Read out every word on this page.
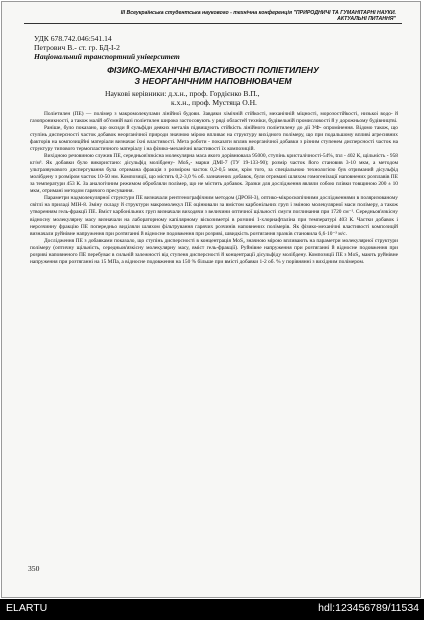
III Всеукраїнська студентська наукового - технічна конференція "ПРИРОДНИЧІ ТА ГУМАНІТАРНІ НАУКИ.
АКТУАЛЬНІ ПИТАННЯ"
УДК 678.742.046:541.14
Петрович В.- ст. гр. БД-І-2
Національний транспортний університет
ФІЗИКО-МЕХАНІЧНІ ВЛАСТИВОСТІ ПОЛІЕТИЛЕНУ
З НЕОРГАНІЧНИМ НАПОВНЮВАЧЕМ
Наукові керівники: д.х.н., проф. Гордієнко В.П.,
к.х.н., проф. Мустяца О.Н.

Поліетилен (ПЕ) — полімер з макромолекулами лінійної будови. Завдяки хімічній стійкості, механічній міцності, морозостійкості, низькоі водо- й газопроникності, а також малій об'ємній вазі поліетилен широко застосовують у ряді областей техніки, будівельній промисловості й у дорожньому будівництві.

Раніше, було показано, що оксиди й сульфіди деяких металів підвищують стійкість лінійного поліетилену до дії УФ- опромінення. Відомо також, що ступінь дисперсності часток добавок неорганічної природи значною мірою впливає на структуру вихідного полімеру, що при подальшому впливі агресивних факторів на композиційні матеріали визначає їхні властивості. Мета роботи - показати вплив неорганічної добавки з різним ступенем дисперсності часток на структуру типового термопластичного матеріалу і на фізико-механічні властивості їх композицій.

Вихідною речовиною служив ПЕ, середньов'язкісна молекулярна маса якого дорівнювала 95000, ступінь кристалічності-54%, tпл - 402 К, щільність - 958 кг/м³. Як добавки було використано: дісульфід молібдену- MoS₂- марки ДМІ-7 (ТУ 19-133-90); розмір часток його становив 3-10 мкм, а методом ультразвукового диспергування була отримана фракція з розміром часток 0,2-0,5 мкм, крім того, за спеціальною технологією був отриманий дісульфід молібдену з розміром часток 10-50 нм. Композиції, що містять 0,2-3,0 % об. зазначених добавок, були отримані шляхом гомогенізації наповнених розплавів ПЕ за температури 453 К. За аналогічним режимом обробляли полімер, що не містить добавок. Зразки для дослідження являли собою плівки товщиною 200 ± 10 мкм, отримані методом гарячого пресування.

Параметри надмолекулярної структури ПЕ визначали рентгенографічним методом (ДРОН-3), оптико-мікроскопічними дослідженнями в поляризованому світлі на приладі МІН-8. Зміну складу й структури макромолекул ПЕ оцінювали за вмістом карбонільних груп і зміною молекулярної маси полімеру, а також утворенням гель-фракції ПЕ. Вміст карбонільних груп визначали виходячи з величини оптичної щільності смуги поглинання при 1720 см⁻¹. Середньов'язкісну відносну молекулярну масу визначали на лабораторному капілярному віскозиметрі в розчині 1-хлорнафталіна при температурі 403 К. Частки добавок і нерозчинну фракцію ПЕ попередньо виділяли шляхом фільтрування гарячих розчинів наповнених полімерів. Як фізико-механічні властивості композицій визначали руйнівне напруження при розтяганні й відносне подовження при розриві, швидкість розтягання зразків становила 6,6·10⁻³ м/с.

Дослідження ПЕ з добавками показало, що ступінь дисперсності в концентрація MoS₂ значною мірою впливають на параметри молекулярної структури полімеру (оптичну щільність, середньов'язкісну молекулярну масу, вміст гель-фракції). Руйнівне напруження при розтяганні й відносне подовження при розриві наповненого ПЕ перебуває в сильній залежності від ступеня дисперсності й концентрації дісульфіду молібдену. Композиції ПЕ з MoS₂ мають руйнівне напруження при розтяганні на 15 МПа, а відносне подовження на 150 % більше при вмісті добавки 1-2 об. % у порівнянні з вихідним полімером.

350
ELARTU	hdl:123456789/11534
